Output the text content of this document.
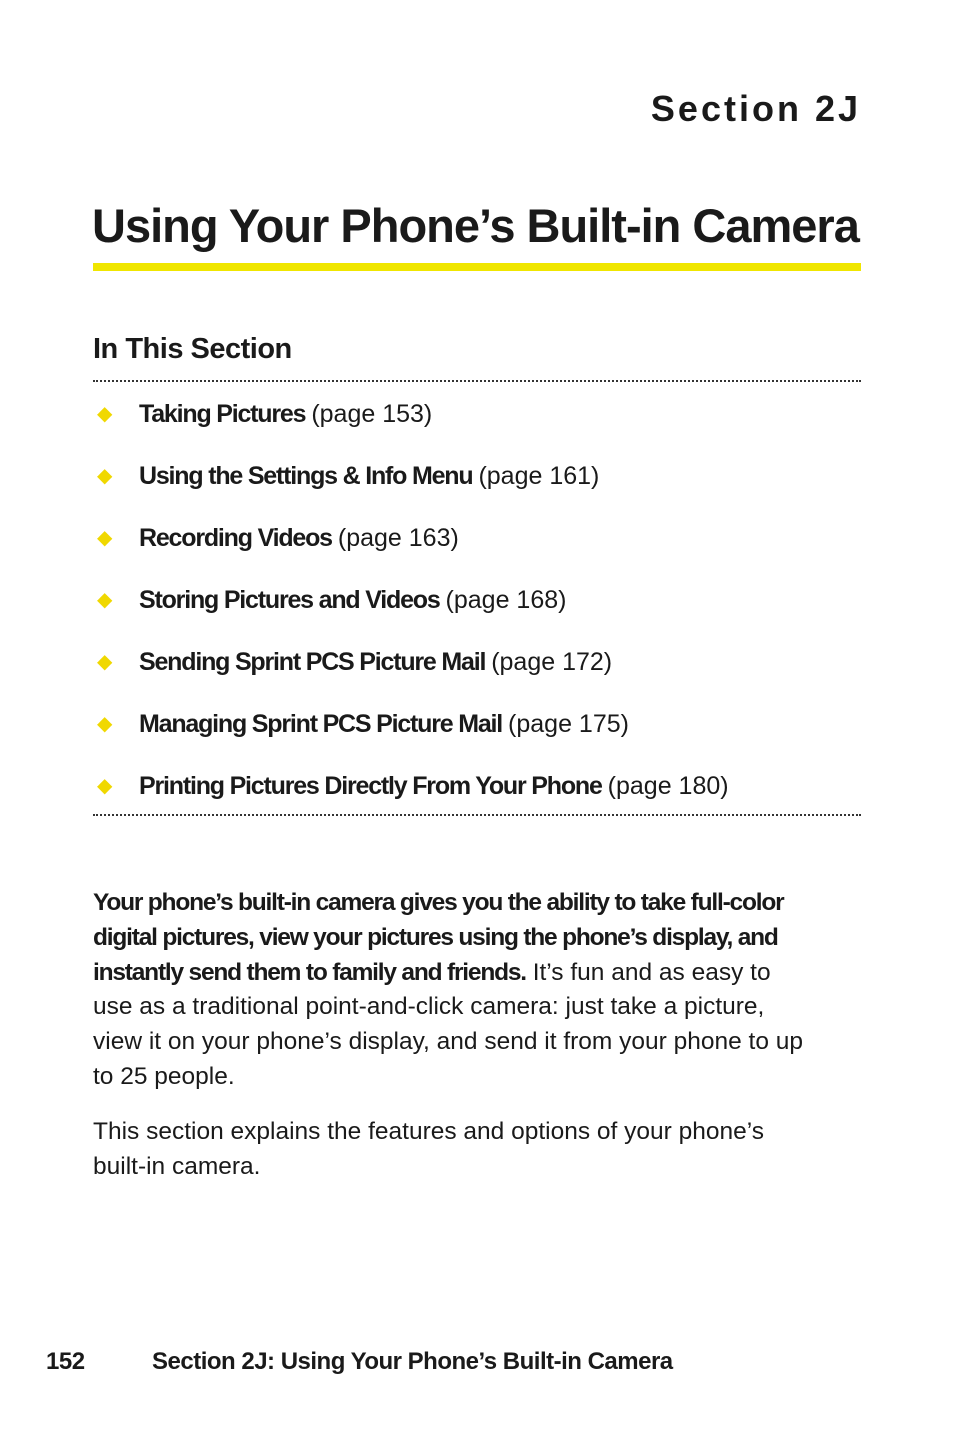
Section 2J
Using Your Phone’s Built-in Camera
In This Section
◆	Taking Pictures (page 153)
◆	Using the Settings & Info Menu (page 161)
◆	Recording Videos (page 163)
◆	Storing Pictures and Videos (page 168)
◆	Sending Sprint PCS Picture Mail (page 172)
◆	Managing Sprint PCS Picture Mail (page 175)
◆	Printing Pictures Directly From Your Phone (page 180)

Your phone’s built-in camera gives you the ability to take full-color digital pictures, view your pictures using the phone’s display, and instantly send them to family and friends. It’s fun and as easy to use as a traditional point-and-click camera: just take a picture, view it on your phone’s display, and send it from your phone to up to 25 people.

This section explains the features and options of your phone’s built-in camera.

152	Section 2J: Using Your Phone’s Built-in Camera
